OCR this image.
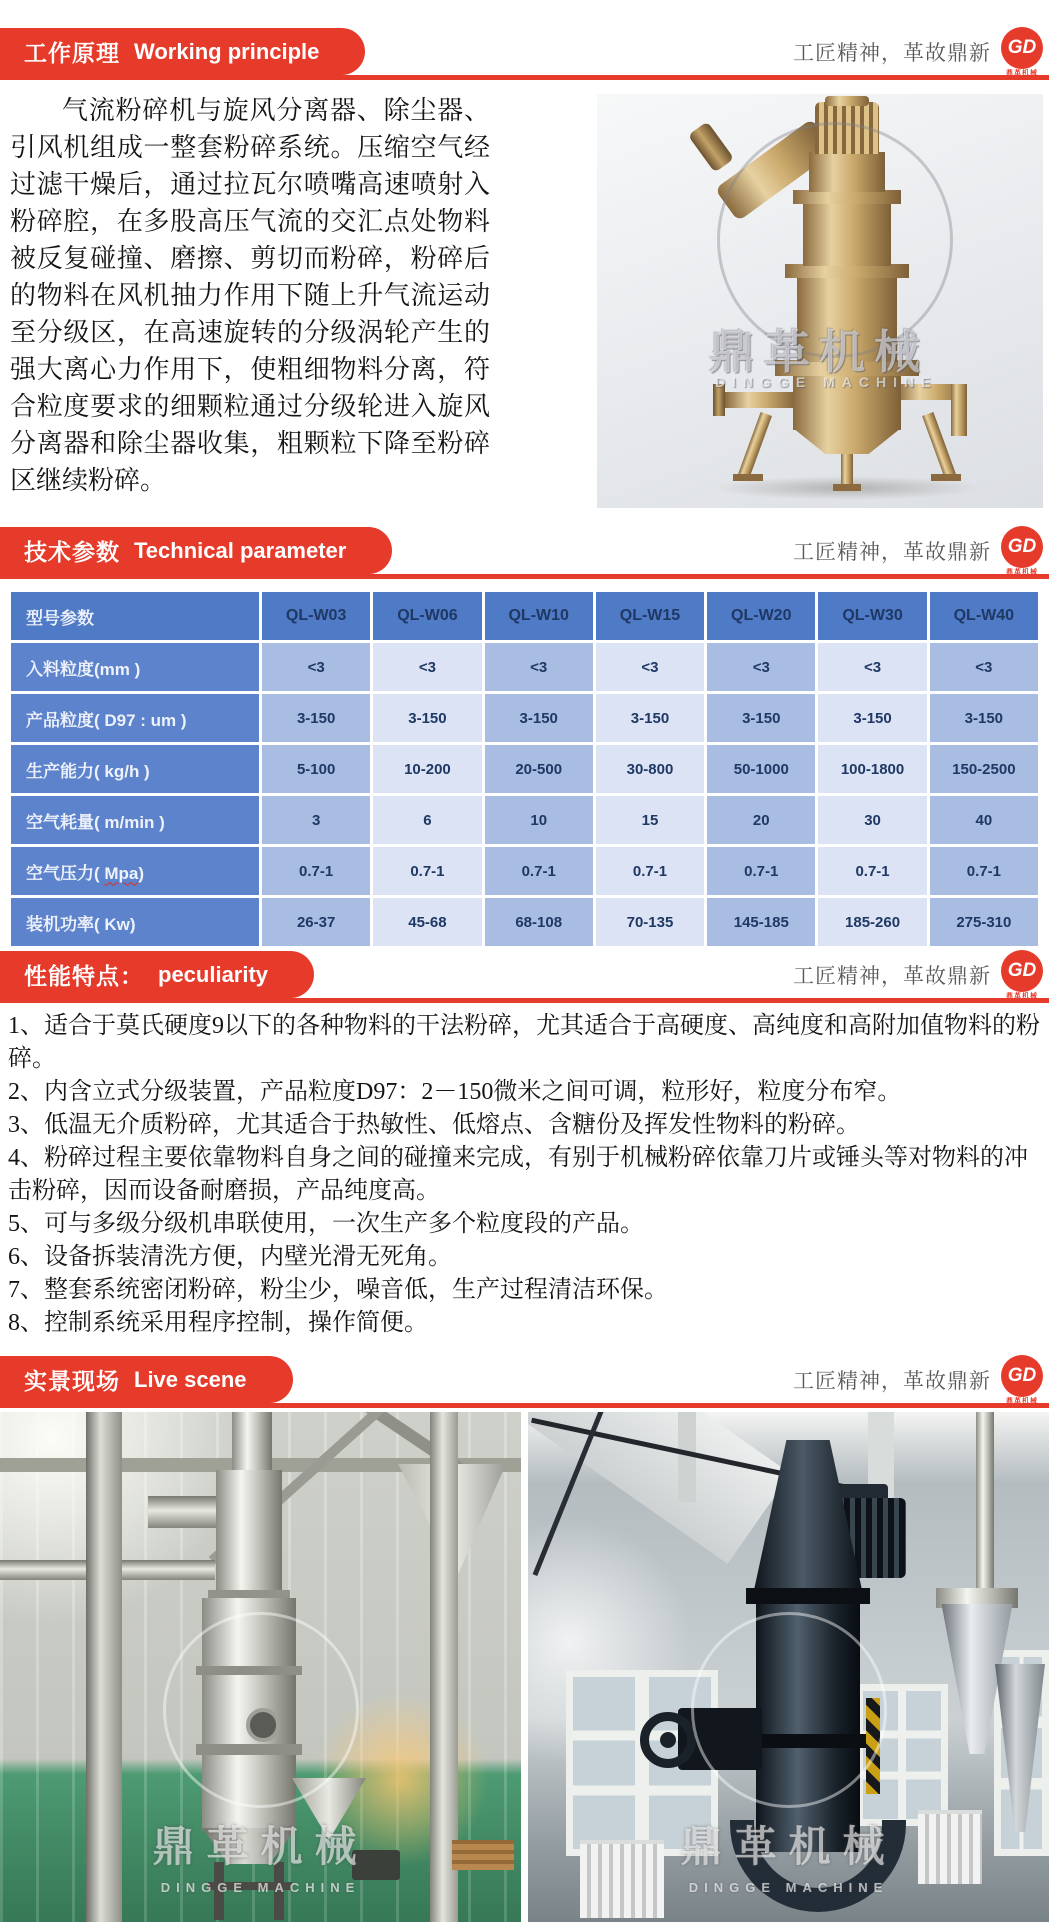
工作原理 Working principle	工匠精神，革故鼎新 GD
鼎革机械
气流粉碎机与旋风分离器、除尘器、引风机组成一整套粉碎系统。压缩空气经过滤干燥后，通过拉瓦尔喷嘴高速喷射入粉碎腔，在多股高压气流的交汇点处物料被反复碰撞、磨擦、剪切而粉碎，粉碎后的物料在风机抽力作用下随上升气流运动至分级区，在高速旋转的分级涡轮产生的强大离心力作用下，使粗细物料分离，符合粒度要求的细颗粒通过分级轮进入旋风分离器和除尘器收集，粗颗粒下降至粉碎区继续粉碎。
鼎革机械
DINGGE MACHINE
技术参数 Technical parameter	工匠精神，革故鼎新 GD
鼎革机械
型号参数	QL-W03	QL-W06	QL-W10	QL-W15	QL-W20	QL-W30	QL-W40
入料粒度(mm )	<3	<3	<3	<3	<3	<3	<3
产品粒度( D97 : um )	3-150	3-150	3-150	3-150	3-150	3-150	3-150
生产能力( kg/h )	5-100	10-200	20-500	30-800	50-1000	100-1800	150-2500
空气耗量( m/min )	3	6	10	15	20	30	40
空气压力( Mpa)	0.7-1	0.7-1	0.7-1	0.7-1	0.7-1	0.7-1	0.7-1
装机功率( Kw)	26-37	45-68	68-108	70-135	145-185	185-260	275-310
性能特点： peculiarity	工匠精神，革故鼎新 GD
鼎革机械

1、适合于莫氏硬度9以下的各种物料的干法粉碎，尤其适合于高硬度、高纯度和高附加值物料的粉碎。

2、内含立式分级装置，产品粒度D97：2－150微米之间可调，粒形好，粒度分布窄。

3、低温无介质粉碎，尤其适合于热敏性、低熔点、含糖份及挥发性物料的粉碎。

4、粉碎过程主要依靠物料自身之间的碰撞来完成，有别于机械粉碎依靠刀片或锤头等对物料的冲击粉碎，因而设备耐磨损，产品纯度高。

5、可与多级分级机串联使用，一次生产多个粒度段的产品。

6、设备拆装清洗方便，内壁光滑无死角。

7、整套系统密闭粉碎，粉尘少，噪音低，生产过程清洁环保。

8、控制系统采用程序控制，操作简便。

实景现场 Live scene	工匠精神，革故鼎新 GD
鼎革机械
鼎革机械
DINGGE MACHINE
鼎革机械
DINGGE MACHINE
